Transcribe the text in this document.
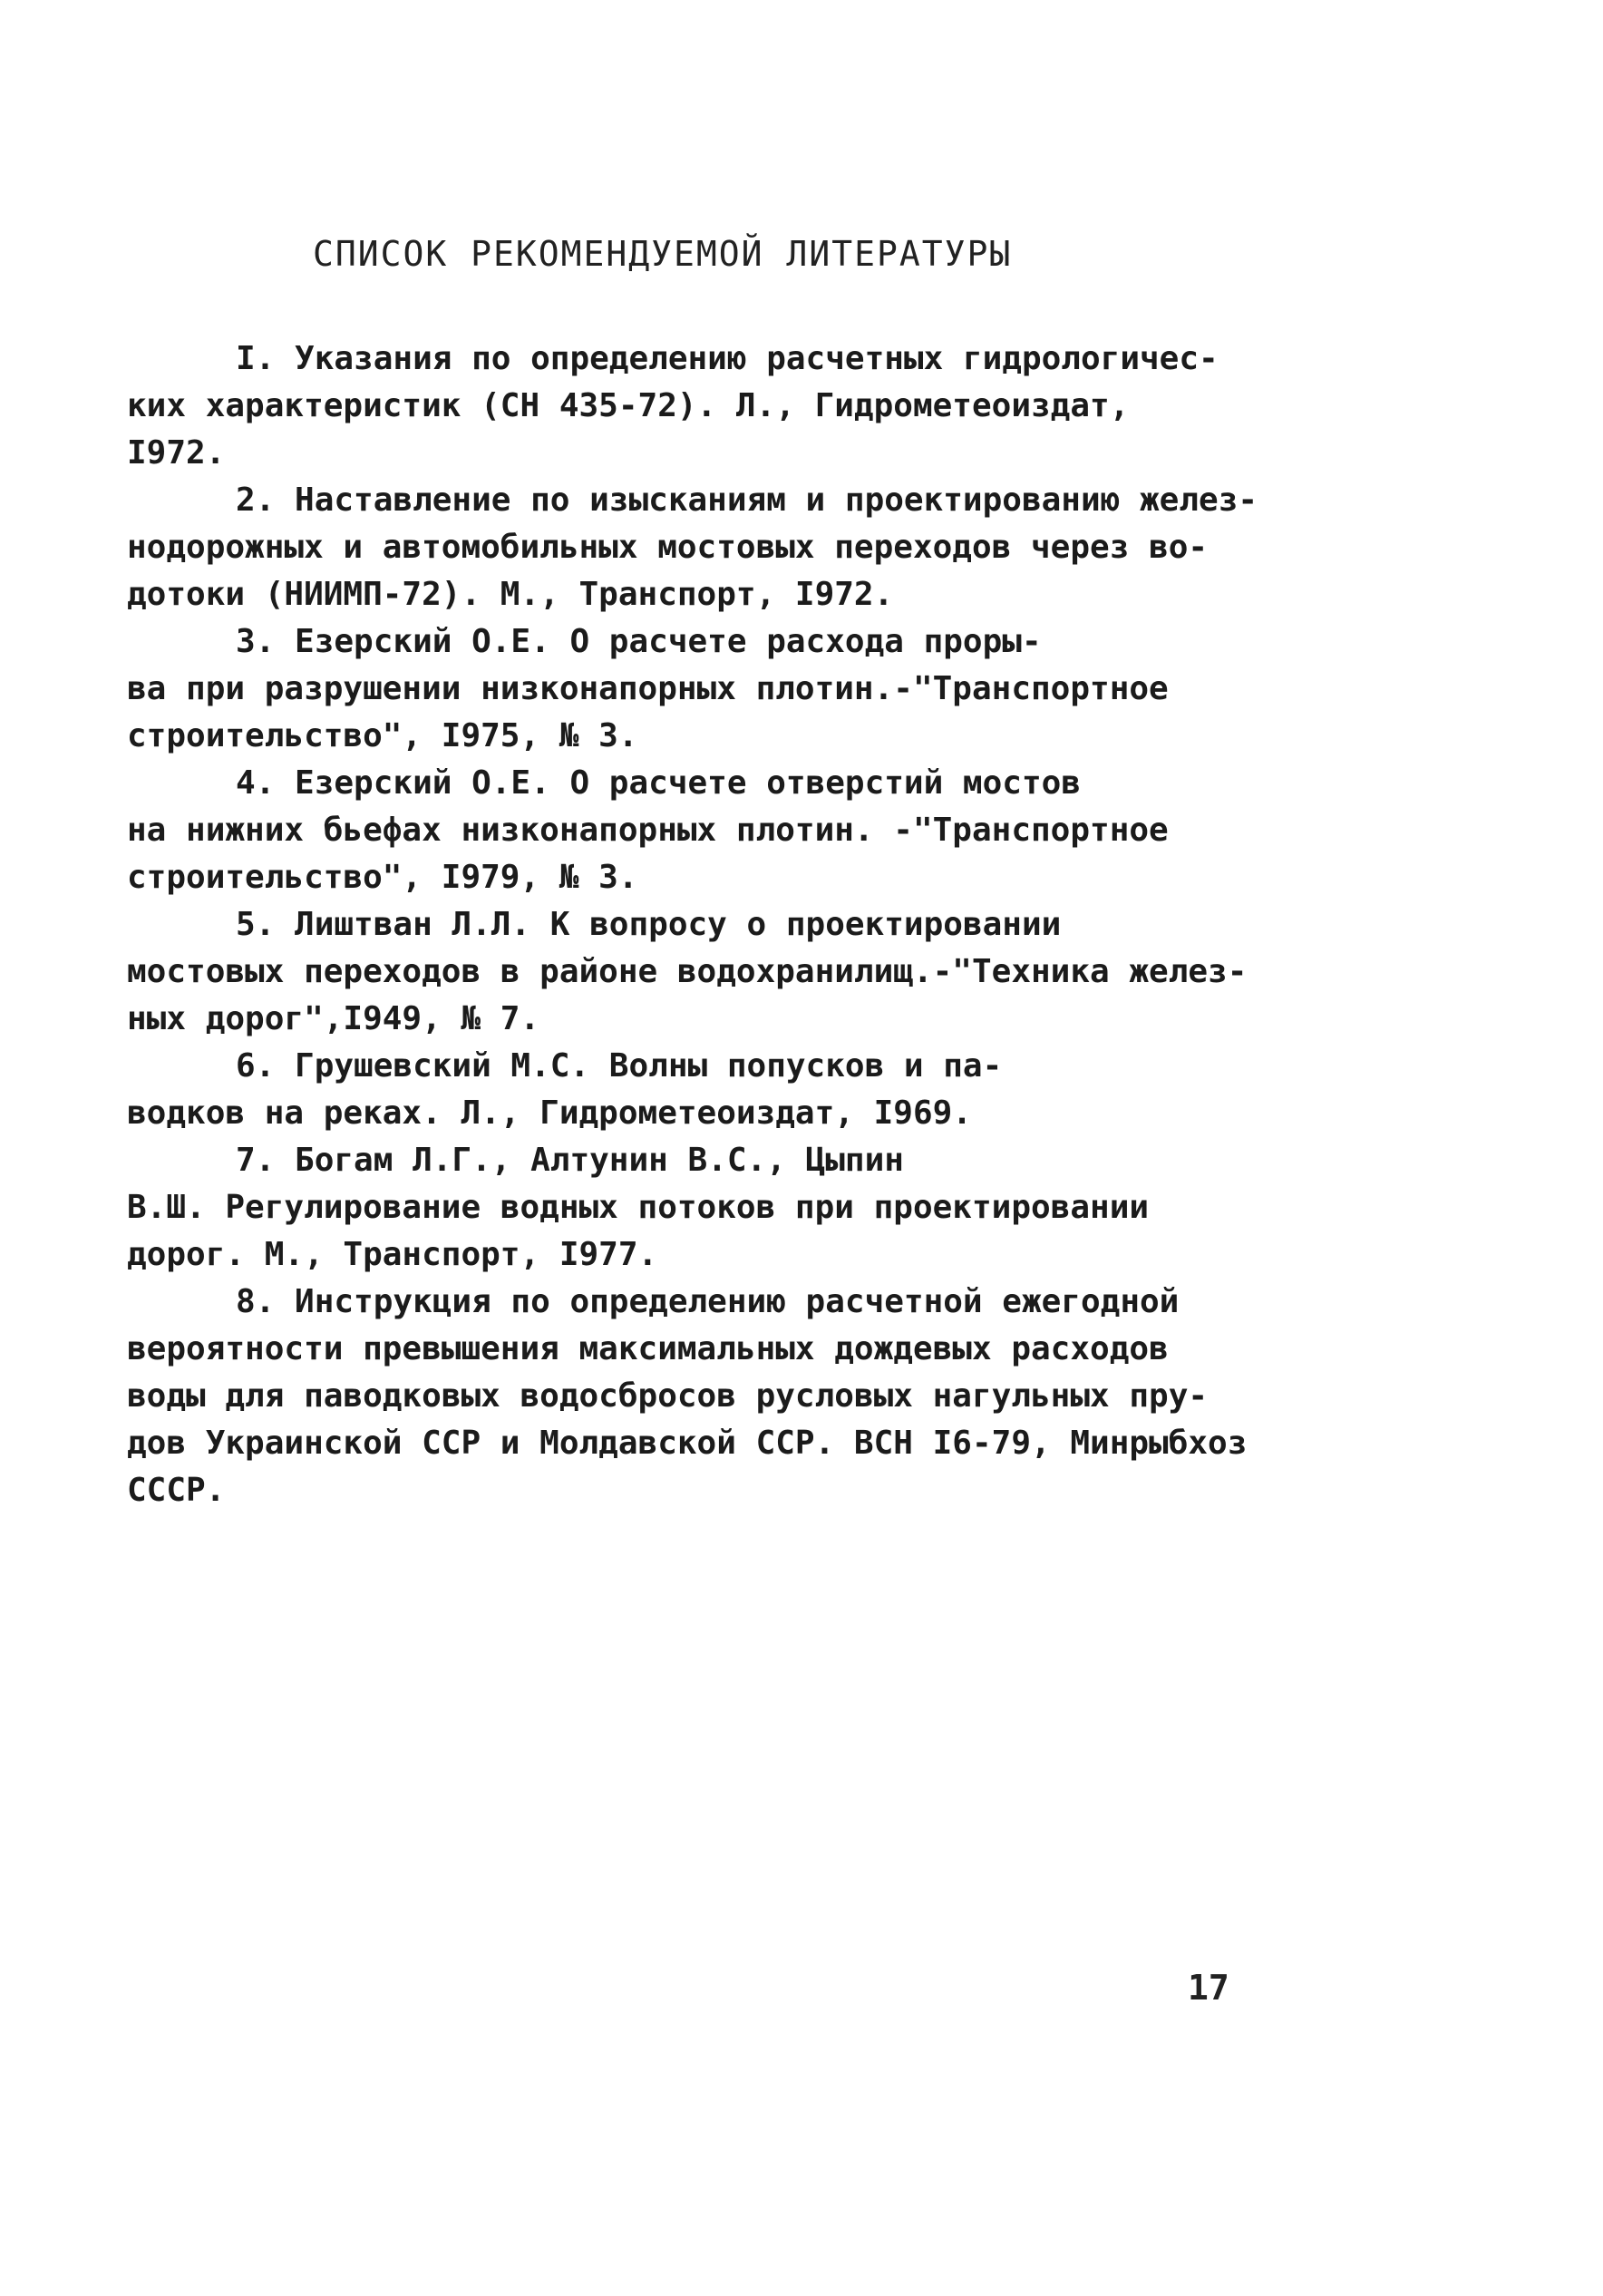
СПИСОК РЕКОМЕНДУЕМОЙ ЛИТЕРАТУРЫ
I. Указания по определению расчетных гидрологичес-
ких характеристик (СН 435-72). Л., Гидрометеоиздат,
I972.
2. Наставление по изысканиям и проектированию желез-
нодорожных и автомобильных мостовых переходов через во-
дотоки (НИИМП-72). М., Транспорт, I972.
3. Езерский О.Е. О расчете расхода проры-
ва при разрушении низконапорных плотин.-"Транспортное
строительство", I975, № 3.
4. Езерский О.Е. О расчете отверстий мостов
на нижних бьефах низконапорных плотин. -"Транспортное
строительство", I979, № 3.
5. Лиштван Л.Л. К вопросу о проектировании
мостовых переходов в районе водохранилищ.-"Техника желез-
ных дорог",I949, № 7.
6. Грушевский М.С. Волны попусков и па-
водков на реках. Л., Гидрометеоиздат, I969.
7. Богам Л.Г., Алтунин В.С., Цыпин
В.Ш. Регулирование водных потоков при проектировании
дорог. М., Транспорт, I977.
8. Инструкция по определению расчетной ежегодной
вероятности превышения максимальных дождевых расходов
воды для паводковых водосбросов русловых нагульных пру-
дов Украинской ССР и Молдавской ССР. ВСН I6-79, Минрыбхоз
СССР.
17
